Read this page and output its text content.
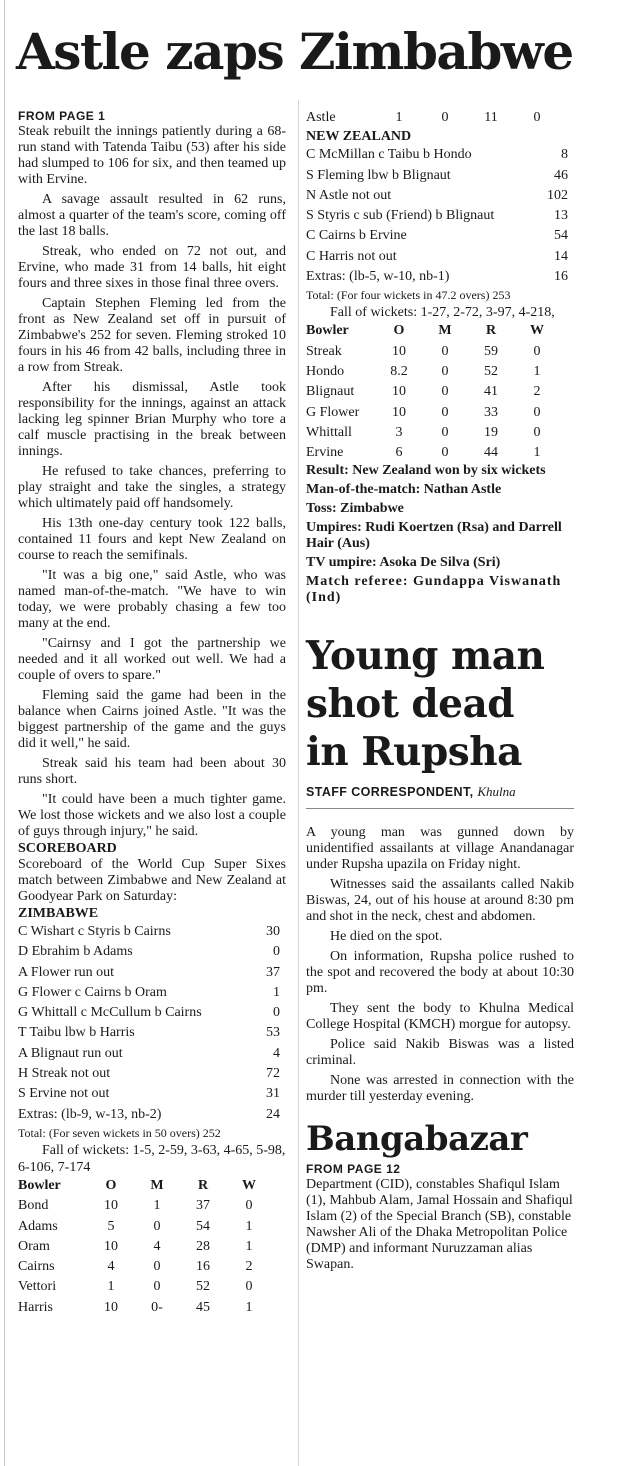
Astle zaps Zimbabwe

FROM PAGE 1

Steak rebuilt the innings patiently during a 68-run stand with Tatenda Taibu (53) after his side had slumped to 106 for six, and then teamed up with Ervine.

A savage assault resulted in 62 runs, almost a quarter of the team's score, coming off the last 18 balls.

Streak, who ended on 72 not out, and Ervine, who made 31 from 14 balls, hit eight fours and three sixes in those final three overs.

Captain Stephen Fleming led from the front as New Zealand set off in pursuit of Zimbabwe's 252 for seven. Fleming stroked 10 fours in his 46 from 42 balls, including three in a row from Streak.

After his dismissal, Astle took responsibility for the innings, against an attack lacking leg spinner Brian Murphy who tore a calf muscle practising in the break between innings.

He refused to take chances, preferring to play straight and take the singles, a strategy which ultimately paid off handsomely.

His 13th one-day century took 122 balls, contained 11 fours and kept New Zealand on course to reach the semifinals.

"It was a big one," said Astle, who was named man-of-the-match. "We have to win today, we were probably chasing a few too many at the end.

"Cairnsy and I got the partnership we needed and it all worked out well. We had a couple of overs to spare."

Fleming said the game had been in the balance when Cairns joined Astle. "It was the biggest partnership of the game and the guys did it well," he said.

Streak said his team had been about 30 runs short.

"It could have been a much tighter game. We lost those wickets and we also lost a couple of guys through injury," he said.

SCOREBOARD

Scoreboard of the World Cup Super Sixes match between Zimbabwe and New Zealand at Goodyear Park on Saturday:

ZIMBABWE

C Wishart c Styris b Cairns	30
D Ebrahim b Adams	0
A Flower run out	37
G Flower c Cairns b Oram	1
G Whittall c McCullum b Cairns	0
T Taibu lbw b Harris	53
A Blignaut run out	4
H Streak not out	72
S Ervine not out	31
Extras: (lb-9, w-13, nb-2)	24
Total: (For seven wickets in 50 overs) 252

Fall of wickets: 1-5, 2-59, 3-63, 4-65, 5-98, 6-106, 7-174

Bowler	O	M	R	W
Bond	10	1	37	0
Adams	5	0	54	1
Oram	10	4	28	1
Cairns	4	0	16	2
Vettori	1	0	52	0
Harris	10	0-	45	1
Astle	1	0	11	0

NEW ZEALAND

C McMillan c Taibu b Hondo	8
S Fleming lbw b Blignaut	46
N Astle not out	102
S Styris c sub (Friend) b Blignaut	13
C Cairns b Ervine	54
C Harris not out	14
Extras: (lb-5, w-10, nb-1)	16
Total: (For four wickets in 47.2 overs) 253

Fall of wickets: 1-27, 2-72, 3-97, 4-218,

Bowler	O	M	R	W
Streak	10	0	59	0
Hondo	8.2	0	52	1
Blignaut	10	0	41	2
G Flower	10	0	33	0
Whittall	3	0	19	0
Ervine	6	0	44	1

Result: New Zealand won by six wickets

Man-of-the-match: Nathan Astle

Toss: Zimbabwe

Umpires: Rudi Koertzen (Rsa) and Darrell Hair (Aus)

TV umpire: Asoka De Silva (Sri)

Match referee: Gundappa Viswanath (Ind)

Young man

shot dead

in Rupsha

STAFF CORRESPONDENT, Khulna

A young man was gunned down by unidentified assailants at village Anandanagar under Rupsha upazila on Friday night.

Witnesses said the assailants called Nakib Biswas, 24, out of his house at around 8:30 pm and shot in the neck, chest and abdomen.

He died on the spot.

On information, Rupsha police rushed to the spot and recovered the body at about 10:30 pm.

They sent the body to Khulna Medical College Hospital (KMCH) morgue for autopsy.

Police said Nakib Biswas was a listed criminal.

None was arrested in connection with the murder till yesterday evening.

Bangabazar

FROM PAGE 12

Department (CID), constables Shafiqul Islam (1), Mahbub Alam, Jamal Hossain and Shafiqul Islam (2) of the Special Branch (SB), constable Nawsher Ali of the Dhaka Metropolitan Police (DMP) and informant Nuruzzaman alias Swapan.
